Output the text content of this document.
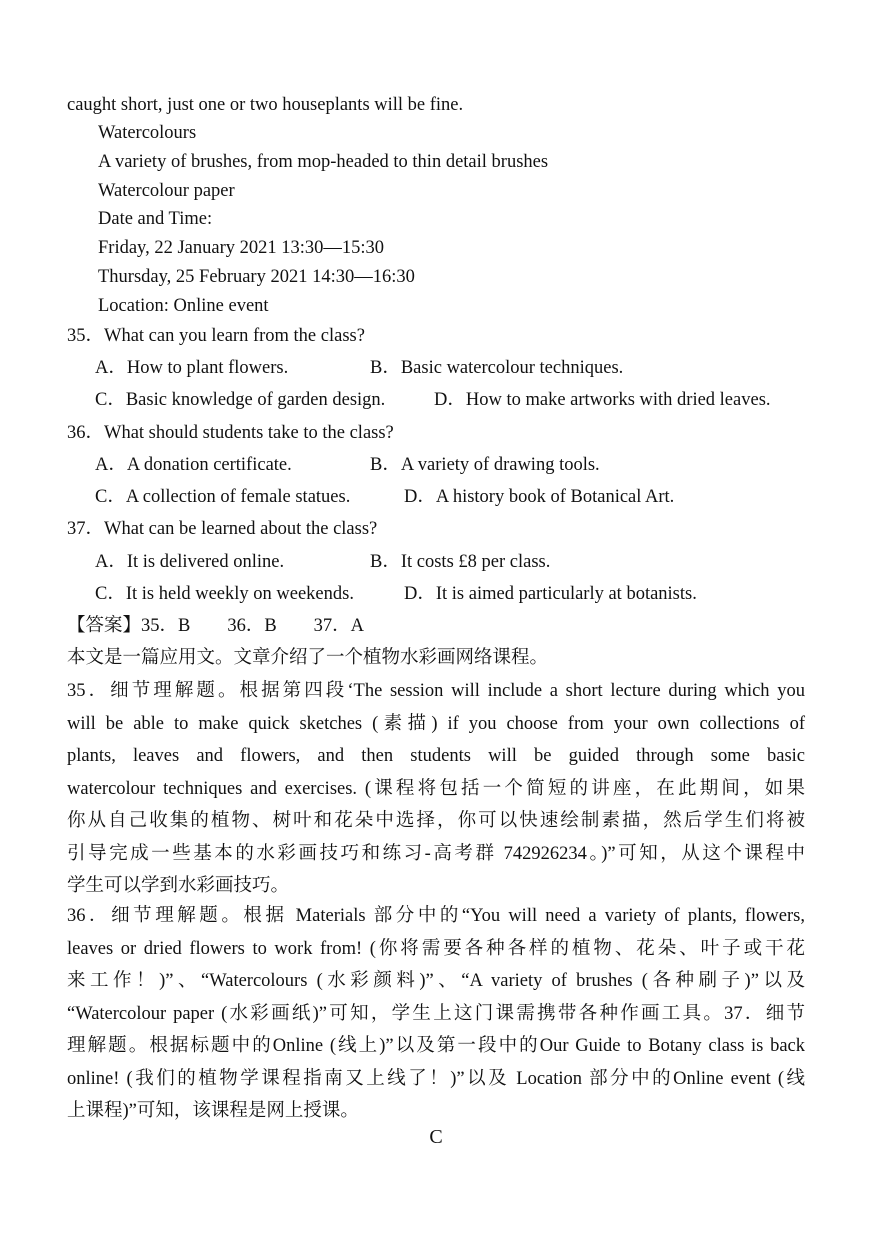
caught short, just one or two houseplants will be fine.
Watercolours
A variety of brushes, from mop-headed to thin detail brushes
Watercolour paper
Date and Time:
Friday, 22 January 2021 13:30—15:30
Thursday, 25 February 2021 14:30—16:30
Location: Online event
35．What can you learn from the class?
A．How to plant flowers.	B．Basic watercolour techniques.
C．Basic knowledge of garden design.	D．How to make artworks with dried leaves.
36．What should students take to the class?
A．A donation certificate.	B．A variety of drawing tools.
C．A collection of female statues.	D．A history book of Botanical Art.
37．What can be learned about the class?
A．It is delivered online.	B．It costs £8 per class.
C．It is held weekly on weekends.	D．It is aimed particularly at botanists.
【答案】35．B　　36．B　　37．A
本文是一篇应用文。文章介绍了一个植物水彩画网络课程。
35．细节理解题。根据第四段‘The session will include a short lecture during which you
will be able to make quick sketches (素描) if you choose from your own collections of
plants, leaves and flowers, and then students will be guided through some basic
watercolour techniques and exercises. (课程将包括一个简短的讲座，在此期间，如果
你从自己收集的植物、树叶和花朵中选择，你可以快速绘制素描，然后学生们将被
引导完成一些基本的水彩画技巧和练习-高考群 742926234。)”可知，从这个课程中
学生可以学到水彩画技巧。
36．细节理解题。根据 Materials 部分中的“You will need a variety of plants, flowers,
leaves or dried flowers to work from! (你将需要各种各样的植物、花朵、叶子或干花
来工作！)”、“Watercolours (水彩颜料)”、“A variety of brushes (各种刷子)”以及
“Watercolour paper (水彩画纸)”可知，学生上这门课需携带各种作画工具。37．细节
理解题。根据标题中的Online (线上)”以及第一段中的Our Guide to Botany class is back
online! (我们的植物学课程指南又上线了！)”以及 Location 部分中的Online event (线
上课程)”可知，该课程是网上授课。
C
